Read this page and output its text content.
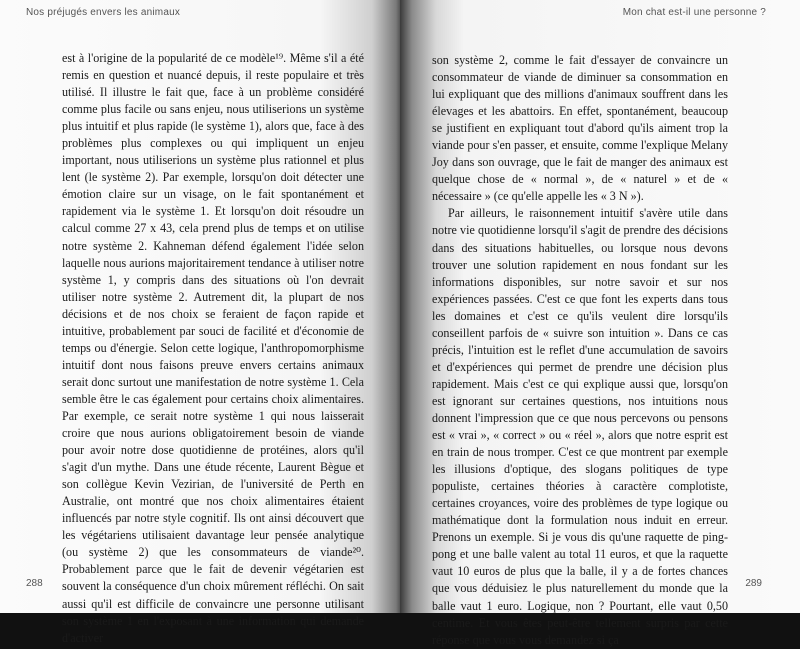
Nos préjugés envers les animaux

est à l'origine de la popularité de ce modèle¹⁹. Même s'il a été remis en question et nuancé depuis, il reste populaire et très utilisé. Il illustre le fait que, face à un problème considéré comme plus facile ou sans enjeu, nous utiliserions un système plus intuitif et plus rapide (le système 1), alors que, face à des problèmes plus complexes ou qui impliquent un enjeu important, nous utiliserions un système plus rationnel et plus lent (le système 2). Par exemple, lorsqu'on doit détecter une émotion claire sur un visage, on le fait spontanément et rapidement via le système 1. Et lorsqu'on doit résoudre un calcul comme 27 x 43, cela prend plus de temps et on utilise notre système 2. Kahneman défend également l'idée selon laquelle nous aurions majoritairement tendance à utiliser notre système 1, y compris dans des situations où l'on devrait utiliser notre système 2. Autrement dit, la plupart de nos décisions et de nos choix se feraient de façon rapide et intuitive, probablement par souci de facilité et d'économie de temps ou d'énergie. Selon cette logique, l'anthropomorphisme intuitif dont nous faisons preuve envers certains animaux serait donc surtout une manifestation de notre système 1. Cela semble être le cas également pour certains choix alimentaires. Par exemple, ce serait notre système 1 qui nous laisserait croire que nous aurions obligatoirement besoin de viande pour avoir notre dose quotidienne de protéines, alors qu'il s'agit d'un mythe. Dans une étude récente, Laurent Bègue et son collègue Kevin Vezirian, de l'université de Perth en Australie, ont montré que nos choix alimentaires étaient influencés par notre style cognitif. Ils ont ainsi découvert que les végétariens utilisaient davantage leur pensée analytique (ou système 2) que les consommateurs de viande²⁰. Probablement parce que le fait de devenir végétarien est souvent la conséquence d'un choix mûrement réfléchi. On sait aussi qu'il est difficile de convaincre une personne utilisant son système 1 en l'exposant à une information qui demande d'activer

288
Mon chat est-il une personne ?

son système 2, comme le fait d'essayer de convaincre un consommateur de viande de diminuer sa consommation en lui expliquant que des millions d'animaux souffrent dans les élevages et les abattoirs. En effet, spontanément, beaucoup se justifient en expliquant tout d'abord qu'ils aiment trop la viande pour s'en passer, et ensuite, comme l'explique Melany Joy dans son ouvrage, que le fait de manger des animaux est quelque chose de « normal », de « naturel » et de « nécessaire » (ce qu'elle appelle les « 3 N »).

Par ailleurs, le raisonnement intuitif s'avère utile dans notre vie quotidienne lorsqu'il s'agit de prendre des décisions dans des situations habituelles, ou lorsque nous devons trouver une solution rapidement en nous fondant sur les informations disponibles, sur notre savoir et sur nos expériences passées. C'est ce que font les experts dans tous les domaines et c'est ce qu'ils veulent dire lorsqu'ils conseillent parfois de « suivre son intuition ». Dans ce cas précis, l'intuition est le reflet d'une accumulation de savoirs et d'expériences qui permet de prendre une décision plus rapidement. Mais c'est ce qui explique aussi que, lorsqu'on est ignorant sur certaines questions, nos intuitions nous donnent l'impression que ce que nous percevons ou pensons est « vrai », « correct » ou « réel », alors que notre esprit est en train de nous tromper. C'est ce que montrent par exemple les illusions d'optique, des slogans politiques de type populiste, certaines théories à caractère complotiste, certaines croyances, voire des problèmes de type logique ou mathématique dont la formulation nous induit en erreur. Prenons un exemple. Si je vous dis qu'une raquette de ping-pong et une balle valent au total 11 euros, et que la raquette vaut 10 euros de plus que la balle, il y a de fortes chances que vous déduisiez le plus naturellement du monde que la balle vaut 1 euro. Logique, non ? Pourtant, elle vaut 0,50 centime. Et vous êtes peut-être tellement surpris par cette réponse que vous vous demandez si ça

289
